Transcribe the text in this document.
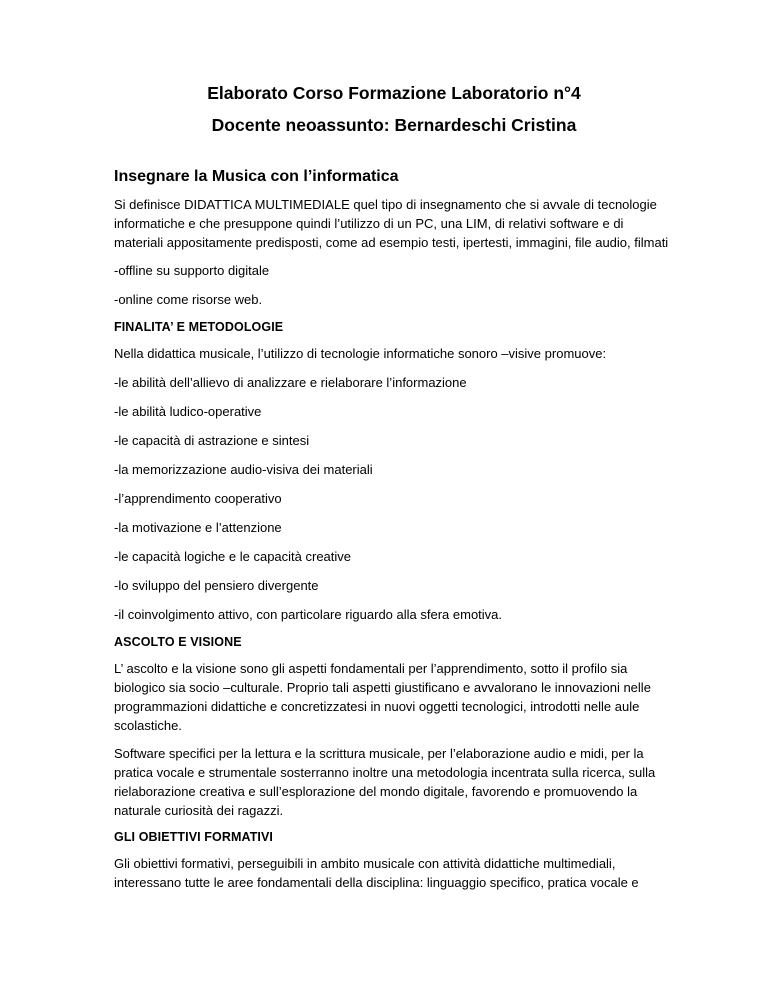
Elaborato Corso Formazione Laboratorio n°4

Docente neoassunto: Bernardeschi Cristina

Insegnare la Musica con l’informatica

Si definisce DIDATTICA MULTIMEDIALE quel tipo di insegnamento che si avvale di tecnologie informatiche e che presuppone quindi l’utilizzo di un PC, una LIM, di relativi software e di materiali appositamente predisposti, come ad esempio testi, ipertesti, immagini, file audio, filmati

-offline su supporto digitale

-online come risorse web.

FINALITA’ E METODOLOGIE

Nella didattica musicale, l’utilizzo di tecnologie informatiche sonoro –visive promuove:

-le abilità dell’allievo di analizzare e rielaborare l’informazione

-le abilità ludico-operative

-le capacità di astrazione e sintesi

-la memorizzazione audio-visiva dei materiali

-l’apprendimento cooperativo

-la motivazione e l’attenzione

-le capacità logiche e le capacità creative

-lo sviluppo del pensiero divergente

-il coinvolgimento attivo, con particolare riguardo alla sfera emotiva.

ASCOLTO E VISIONE

L’ ascolto e la visione sono gli aspetti fondamentali per l’apprendimento, sotto il profilo sia biologico sia socio –culturale. Proprio tali aspetti giustificano e avvalorano le innovazioni nelle programmazioni didattiche e concretizzatesi in nuovi oggetti tecnologici, introdotti nelle aule scolastiche.

Software specifici per la lettura e la scrittura musicale, per l’elaborazione audio e midi, per la pratica vocale e strumentale sosterranno inoltre una metodologia incentrata sulla ricerca, sulla rielaborazione creativa e sull’esplorazione del mondo digitale, favorendo e promuovendo la naturale curiosità dei ragazzi.

GLI OBIETTIVI FORMATIVI

Gli obiettivi formativi, perseguibili in ambito musicale con attività didattiche multimediali, interessano tutte le aree fondamentali della disciplina: linguaggio specifico, pratica vocale e
